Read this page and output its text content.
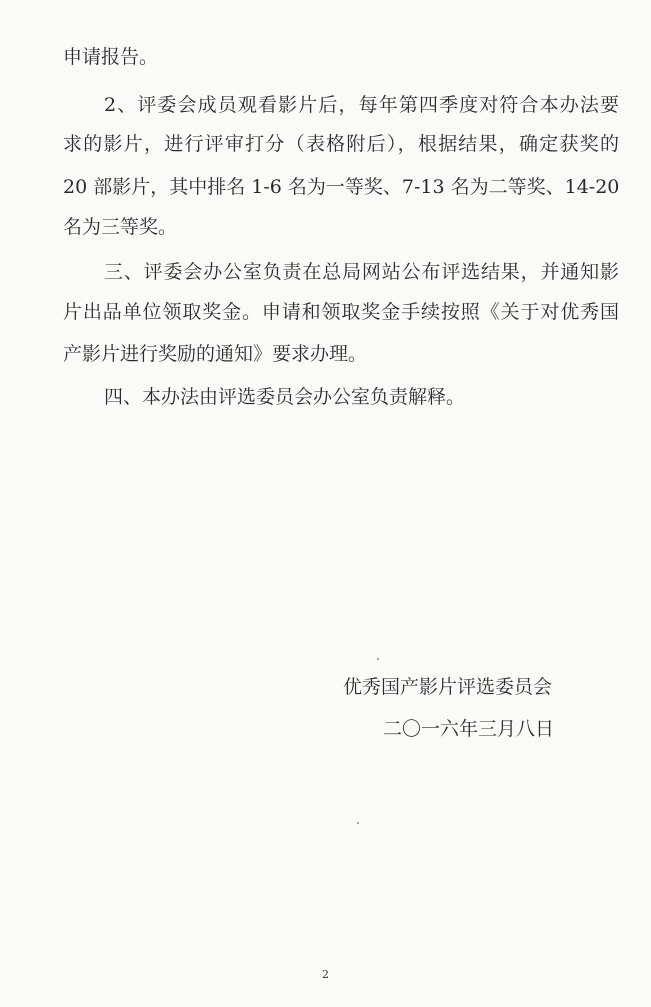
申请报告。
2、评委会成员观看影片后，每年第四季度对符合本办法要
求的影片，进行评审打分（表格附后），根据结果，确定获奖的
20 部影片，其中排名 1-6 名为一等奖、7-13 名为二等奖、14-20
名为三等奖。
三、评委会办公室负责在总局网站公布评选结果，并通知影
片出品单位领取奖金。申请和领取奖金手续按照《关于对优秀国
产影片进行奖励的通知》要求办理。
四、本办法由评选委员会办公室负责解释。
优秀国产影片评选委员会
二〇一六年三月八日
2
